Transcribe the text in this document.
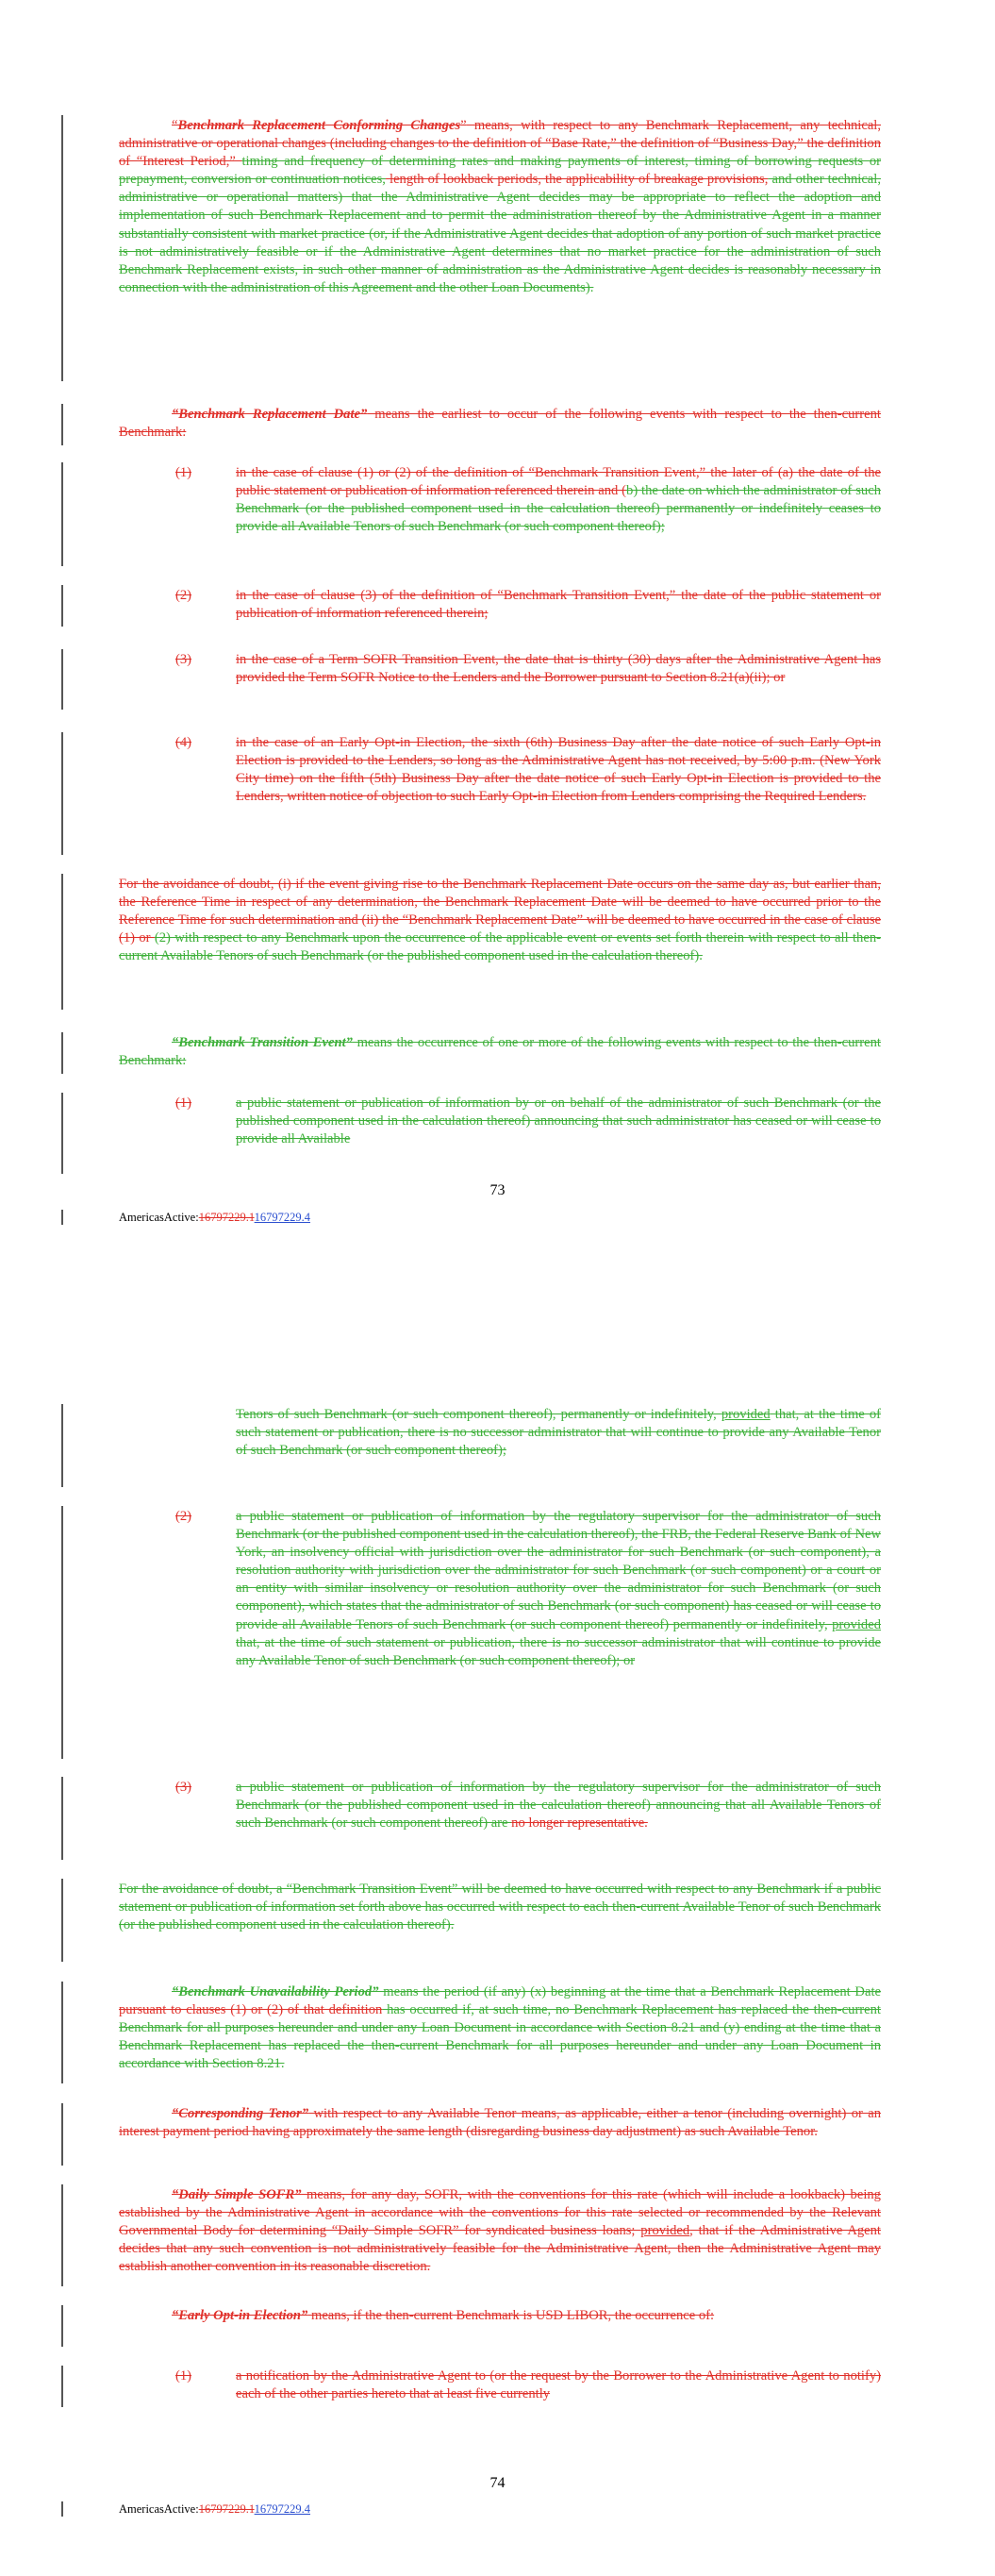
“Benchmark Replacement Conforming Changes” means, with respect to any Benchmark Replacement, any technical, administrative or operational changes (including changes to the definition of “Base Rate,” the definition of “Business Day,” the definition of “Interest Period,” timing and frequency of determining rates and making payments of interest, timing of borrowing requests or prepayment, conversion or continuation notices, length of lookback periods, the applicability of breakage provisions, and other technical, administrative or operational matters) that the Administrative Agent decides may be appropriate to reflect the adoption and implementation of such Benchmark Replacement and to permit the administration thereof by the Administrative Agent in a manner substantially consistent with market practice (or, if the Administrative Agent decides that adoption of any portion of such market practice is not administratively feasible or if the Administrative Agent determines that no market practice for the administration of such Benchmark Replacement exists, in such other manner of administration as the Administrative Agent decides is reasonably necessary in connection with the administration of this Agreement and the other Loan Documents).
“Benchmark Replacement Date” means the earliest to occur of the following events with respect to the then-current Benchmark:
(1)	in the case of clause (1) or (2) of the definition of “Benchmark Transition Event,” the later of (a) the date of the public statement or publication of information referenced therein and (b) the date on which the administrator of such Benchmark (or the published component used in the calculation thereof) permanently or indefinitely ceases to provide all Available Tenors of such Benchmark (or such component thereof);
(2)	in the case of clause (3) of the definition of “Benchmark Transition Event,” the date of the public statement or publication of information referenced therein;
(3)	in the case of a Term SOFR Transition Event, the date that is thirty (30) days after the Administrative Agent has provided the Term SOFR Notice to the Lenders and the Borrower pursuant to Section 8.21(a)(ii); or
(4)	in the case of an Early Opt-in Election, the sixth (6th) Business Day after the date notice of such Early Opt-in Election is provided to the Lenders, so long as the Administrative Agent has not received, by 5:00 p.m. (New York City time) on the fifth (5th) Business Day after the date notice of such Early Opt-in Election is provided to the Lenders, written notice of objection to such Early Opt-in Election from Lenders comprising the Required Lenders.
For the avoidance of doubt, (i) if the event giving rise to the Benchmark Replacement Date occurs on the same day as, but earlier than, the Reference Time in respect of any determination, the Benchmark Replacement Date will be deemed to have occurred prior to the Reference Time for such determination and (ii) the “Benchmark Replacement Date” will be deemed to have occurred in the case of clause (1) or (2) with respect to any Benchmark upon the occurrence of the applicable event or events set forth therein with respect to all then-current Available Tenors of such Benchmark (or the published component used in the calculation thereof).
“Benchmark Transition Event” means the occurrence of one or more of the following events with respect to the then-current Benchmark:
(1)	a public statement or publication of information by or on behalf of the administrator of such Benchmark (or the published component used in the calculation thereof) announcing that such administrator has ceased or will cease to provide all Available
73
AmericasActive:16797229.116797229.4
Tenors of such Benchmark (or such component thereof), permanently or indefinitely, provided that, at the time of such statement or publication, there is no successor administrator that will continue to provide any Available Tenor of such Benchmark (or such component thereof);
(2)	a public statement or publication of information by the regulatory supervisor for the administrator of such Benchmark (or the published component used in the calculation thereof), the FRB, the Federal Reserve Bank of New York, an insolvency official with jurisdiction over the administrator for such Benchmark (or such component), a resolution authority with jurisdiction over the administrator for such Benchmark (or such component) or a court or an entity with similar insolvency or resolution authority over the administrator for such Benchmark (or such component), which states that the administrator of such Benchmark (or such component) has ceased or will cease to provide all Available Tenors of such Benchmark (or such component thereof) permanently or indefinitely, provided that, at the time of such statement or publication, there is no successor administrator that will continue to provide any Available Tenor of such Benchmark (or such component thereof); or
(3)	a public statement or publication of information by the regulatory supervisor for the administrator of such Benchmark (or the published component used in the calculation thereof) announcing that all Available Tenors of such Benchmark (or such component thereof) are no longer representative.
For the avoidance of doubt, a “Benchmark Transition Event” will be deemed to have occurred with respect to any Benchmark if a public statement or publication of information set forth above has occurred with respect to each then-current Available Tenor of such Benchmark (or the published component used in the calculation thereof).
“Benchmark Unavailability Period” means the period (if any) (x) beginning at the time that a Benchmark Replacement Date pursuant to clauses (1) or (2) of that definition has occurred if, at such time, no Benchmark Replacement has replaced the then-current Benchmark for all purposes hereunder and under any Loan Document in accordance with Section 8.21 and (y) ending at the time that a Benchmark Replacement has replaced the then-current Benchmark for all purposes hereunder and under any Loan Document in accordance with Section 8.21.
“Corresponding Tenor” with respect to any Available Tenor means, as applicable, either a tenor (including overnight) or an interest payment period having approximately the same length (disregarding business day adjustment) as such Available Tenor.
“Daily Simple SOFR” means, for any day, SOFR, with the conventions for this rate (which will include a lookback) being established by the Administrative Agent in accordance with the conventions for this rate selected or recommended by the Relevant Governmental Body for determining “Daily Simple SOFR” for syndicated business loans; provided, that if the Administrative Agent decides that any such convention is not administratively feasible for the Administrative Agent, then the Administrative Agent may establish another convention in its reasonable discretion.
“Early Opt-in Election” means, if the then-current Benchmark is USD LIBOR, the occurrence of:
(1)	a notification by the Administrative Agent to (or the request by the Borrower to the Administrative Agent to notify) each of the other parties hereto that at least five currently
74
AmericasActive:16797229.116797229.4
